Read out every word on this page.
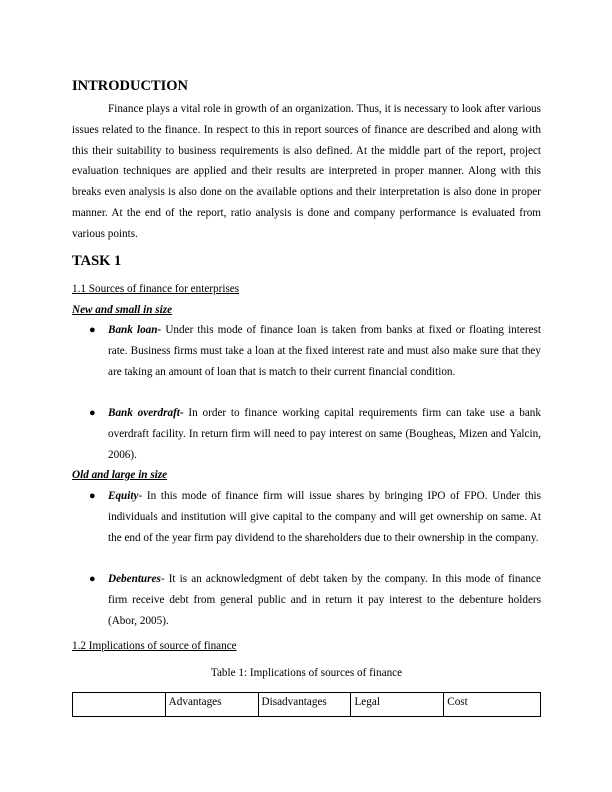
INTRODUCTION
Finance plays a vital role in growth of an organization. Thus, it is necessary to look after various issues related to the finance. In respect to this in report sources of finance are described and along with this their suitability to business requirements is also defined. At the middle part of the report, project evaluation techniques are applied and their results are interpreted in proper manner. Along with this breaks even analysis is also done on the available options and their interpretation is also done in proper manner. At the end of the report, ratio analysis is done and company performance is evaluated from various points.
TASK 1
1.1 Sources of finance for enterprises
New and small in size
● Bank loan- Under this mode of finance loan is taken from banks at fixed or floating interest rate. Business firms must take a loan at the fixed interest rate and must also make sure that they are taking an amount of loan that is match to their current financial condition.
● Bank overdraft- In order to finance working capital requirements firm can take use a bank overdraft facility. In return firm will need to pay interest on same (Bougheas, Mizen and Yalcin, 2006).
Old and large in size
● Equity- In this mode of finance firm will issue shares by bringing IPO of FPO. Under this individuals and institution will give capital to the company and will get ownership on same. At the end of the year firm pay dividend to the shareholders due to their ownership in the company.
● Debentures- It is an acknowledgment of debt taken by the company. In this mode of finance firm receive debt from general public and in return it pay interest to the debenture holders (Abor, 2005).
1.2 Implications of source of finance
Table 1: Implications of sources of finance
	Advantages	Disadvantages	Legal	Cost
